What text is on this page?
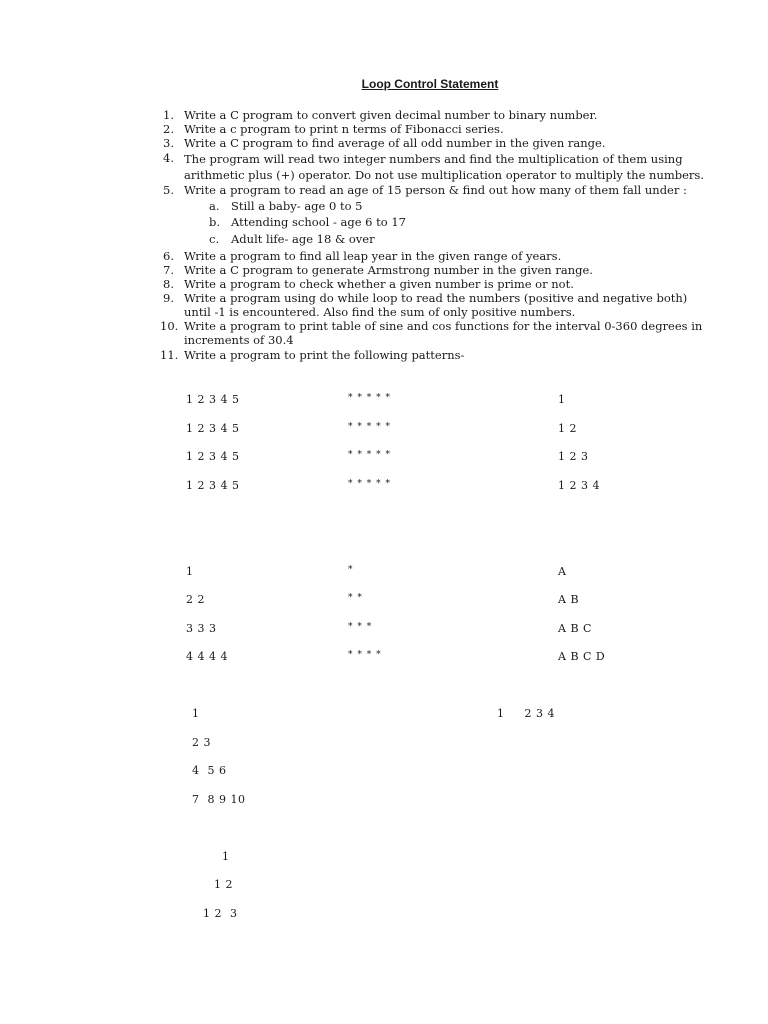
Loop Control Statement
1. Write a C program to convert given decimal number to binary number.
2. Write a c program to print n terms of Fibonacci series.
3. Write a C program to find average of all odd number in the given range.
4. The program will read two integer numbers and find the multiplication of them using arithmetic plus (+) operator. Do not use multiplication operator to multiply the numbers.
5. Write a program to read an age of 15 person & find out how many of them fall under :
a. Still a baby- age 0 to 5
b. Attending school - age 6 to 17
c. Adult life- age 18 & over
6. Write a program to find all leap year in the given range of years.
7. Write a C program to generate Armstrong number in the given range.
8. Write a program to check whether a given number is prime or not.
9. Write a program using do while loop to read the numbers (positive and negative both) until -1 is encountered. Also find the sum of only positive numbers.
10. Write a program to print table of sine and cos functions for the interval 0-360 degrees in increments of 30.4
11. Write a program to print the following patterns-
1 2 3 4 5
1 2 3 4 5
1 2 3 4 5
1 2 3 4 5
* * * * *
* * * * *
* * * * *
* * * * *
1
1 2
1 2 3
1 2 3 4
1
2 2
3 3 3
4 4 4 4
*
* *
* * *
* * * *
A
A B
A B C
A B C D
1
2 3
4  5 6
7  8 9 10
1     2 3 4
1
1 2
1 2  3
